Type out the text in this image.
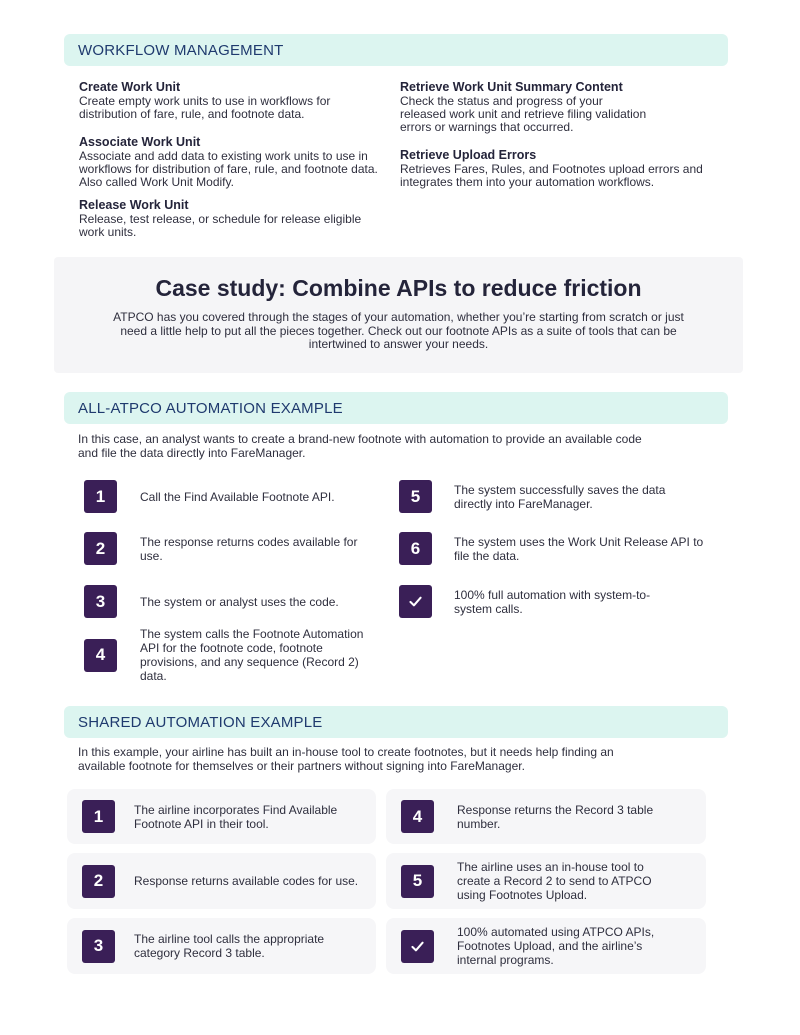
WORKFLOW MANAGEMENT
Create Work Unit
Create empty work units to use in workflows for distribution of fare, rule, and footnote data.
Associate Work Unit
Associate and add data to existing work units to use in workflows for distribution of fare, rule, and footnote data. Also called Work Unit Modify.
Release Work Unit
Release, test release, or schedule for release eligible work units.
Retrieve Work Unit Summary Content
Check the status and progress of your released work unit and retrieve filing validation errors or warnings that occurred.
Retrieve Upload Errors
Retrieves Fares, Rules, and Footnotes upload errors and integrates them into your automation workflows.
Case study: Combine APIs to reduce friction

ATPCO has you covered through the stages of your automation, whether you’re starting from scratch or just need a little help to put all the pieces together. Check out our footnote APIs as a suite of tools that can be intertwined to answer your needs.

ALL-ATPCO AUTOMATION EXAMPLE
In this case, an analyst wants to create a brand-new footnote with automation to provide an available code and file the data directly into FareManager.
1	Call the Find Available Footnote API.
2	The response returns codes available for use.
3	The system or analyst uses the code.
4
The system calls the Footnote Automation API for the footnote code, footnote provisions, and any sequence (Record 2) data.
5	The system successfully saves the data directly into FareManager.
6	The system uses the Work Unit Release API to file the data.
100% full automation with system-to-system calls.
SHARED AUTOMATION EXAMPLE
In this example, your airline has built an in-house tool to create footnotes, but it needs help finding an available footnote for themselves or their partners without signing into FareManager.
1	The airline incorporates Find Available Footnote API in their tool.
2	Response returns available codes for use.
3	The airline tool calls the appropriate category Record 3 table.
4	Response returns the Record 3 table number.
5
The airline uses an in-house tool to create a Record 2 to send to ATPCO using Footnotes Upload.
100% automated using ATPCO APIs, Footnotes Upload, and the airline’s internal programs.
